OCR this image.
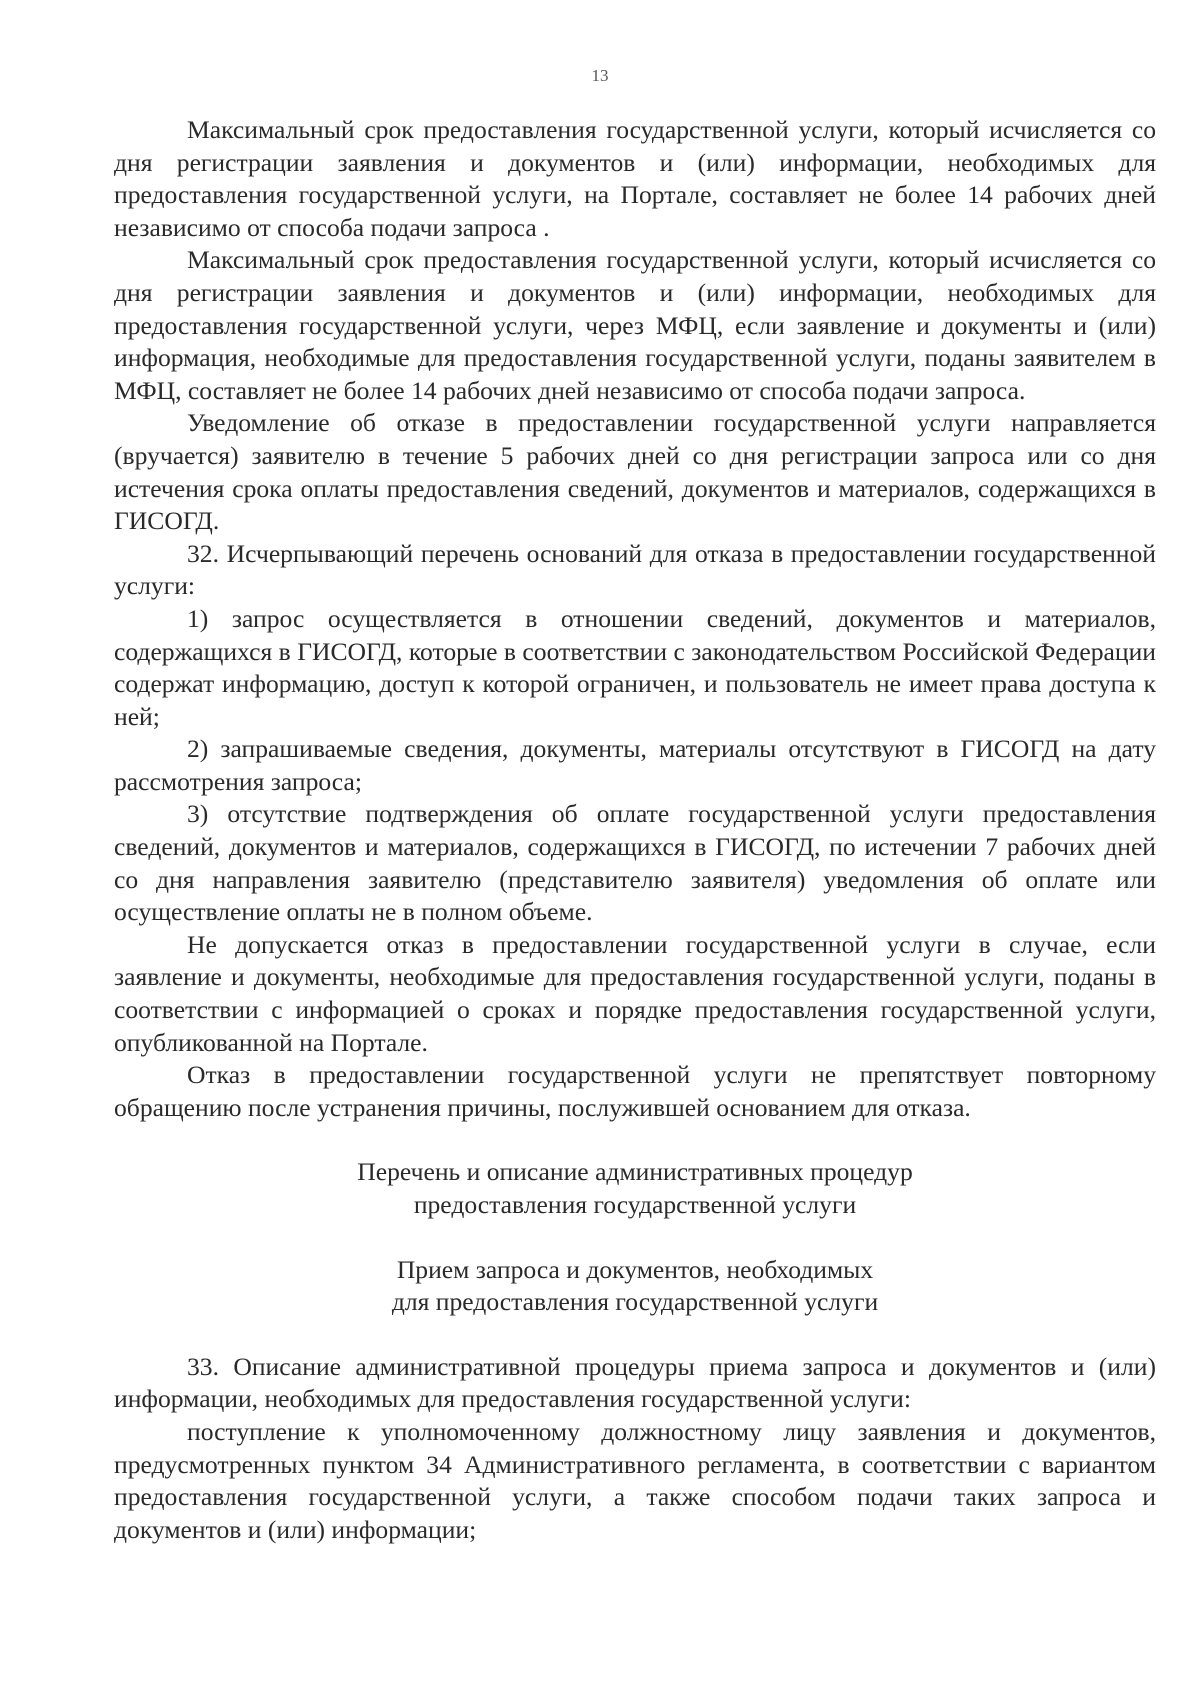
13

Максимальный срок предоставления государственной услуги, который исчисляется со дня регистрации заявления и документов и (или) информации, необходимых для предоставления государственной услуги, на Портале, составляет не более 14 рабочих дней независимо от способа подачи запроса .

Максимальный срок предоставления государственной услуги, который исчисляется со дня регистрации заявления и документов и (или) информации, необходимых для предоставления государственной услуги, через МФЦ, если заявление и документы и (или) информация, необходимые для предоставления государственной услуги, поданы заявителем в МФЦ, составляет не более 14 рабочих дней независимо от способа подачи запроса.

Уведомление об отказе в предоставлении государственной услуги направляется (вручается) заявителю в течение 5 рабочих дней со дня регистрации запроса или со дня истечения срока оплаты предоставления сведений, документов и материалов, содержащихся в ГИСОГД.

32. Исчерпывающий перечень оснований для отказа в предоставлении государственной услуги:

1) запрос осуществляется в отношении сведений, документов и материалов, содержащихся в ГИСОГД, которые в соответствии с законодательством Российской Федерации содержат информацию, доступ к которой ограничен, и пользователь не имеет права доступа к ней;

2) запрашиваемые сведения, документы, материалы отсутствуют в ГИСОГД на дату рассмотрения запроса;

3) отсутствие подтверждения об оплате государственной услуги предоставления сведений, документов и материалов, содержащихся в ГИСОГД, по истечении 7 рабочих дней со дня направления заявителю (представителю заявителя) уведомления об оплате или осуществление оплаты не в полном объеме.

Не допускается отказ в предоставлении государственной услуги в случае, если заявление и документы, необходимые для предоставления государственной услуги, поданы в соответствии с информацией о сроках и порядке предоставления государственной услуги, опубликованной на Портале.

Отказ в предоставлении государственной услуги не препятствует повторному обращению после устранения причины, послужившей основанием для отказа.

Перечень и описание административных процедур
предоставления государственной услуги
Прием запроса и документов, необходимых
для предоставления государственной услуги

33. Описание административной процедуры приема запроса и документов и (или) информации, необходимых для предоставления государственной услуги:

поступление к уполномоченному должностному лицу заявления и документов, предусмотренных пунктом 34 Административного регламента, в соответствии с вариантом предоставления государственной услуги, а также способом подачи таких запроса и документов и (или) информации;
